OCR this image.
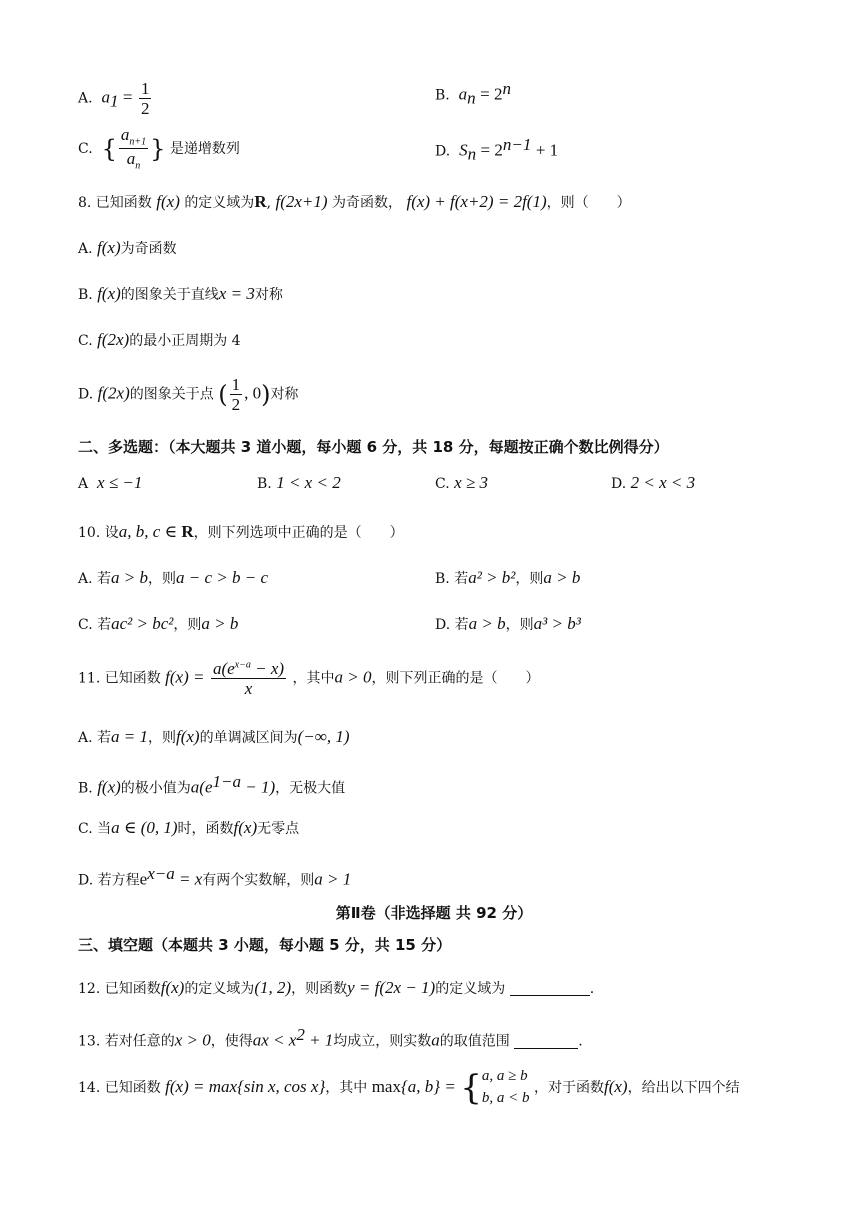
A. $a_1 = \frac{1}{2}$	B. $a_n = 2^n$
C. { $\frac{a_{n+1}}{a_n}$ } 是递增数列	D. $S_n = 2^{n-1} + 1$
8. 已知函数 f(x) 的定义域为R, f(2x+1) 为奇函数， f(x) + f(x+2) = 2f(1)，则（　　）
A. f(x)为奇函数
B. f(x)的图象关于直线x = 3对称
C. f(2x)的最小正周期为 4
D. f(2x)的图象关于点 ( $\frac{1}{2}$ , 0)对称
二、多选题：（本大题共 3 道小题，每小题 6 分，共 18 分，每题按正确个数比例得分）
A x ≤ −1	B. 1 < x < 2	C. x ≥ 3	D. 2 < x < 3
10. 设a, b, c ∈ R，则下列选项中正确的是（　　）
A. 若a > b，则a − c > b − c	B. 若a² > b²，则a > b
C. 若ac² > bc²，则a > b	D. 若a > b，则a³ > b³
11. 已知函数 $f(x) = \frac{a(e^{x-a} - x)}{x}$ ，其中a > 0，则下列正确的是（　　）
A. 若a = 1，则f(x)的单调减区间为(−∞, 1)
B. f(x)的极小值为$a(e^{1-a} - 1)$，无极大值
C. 当a ∈ (0, 1)时，函数f(x)无零点
D. 若方程$e^{x-a} = x$有两个实数解，则a > 1
第Ⅱ卷（非选择题 共 92 分）
三、填空题（本题共 3 小题，每小题 5 分，共 15 分）
12. 已知函数f(x)的定义域为(1, 2)，则函数y = f(2x − 1)的定义域为	.
13. 若对任意的x > 0，使得ax < $x^2 + 1$均成立，则实数a的取值范围	.
14. 已知函数 f(x) = max{sin x, cos x}，其中 max{a, b} = { a, a ≥ b
b, a < b
，对于函数f(x)，给出以下四个结
